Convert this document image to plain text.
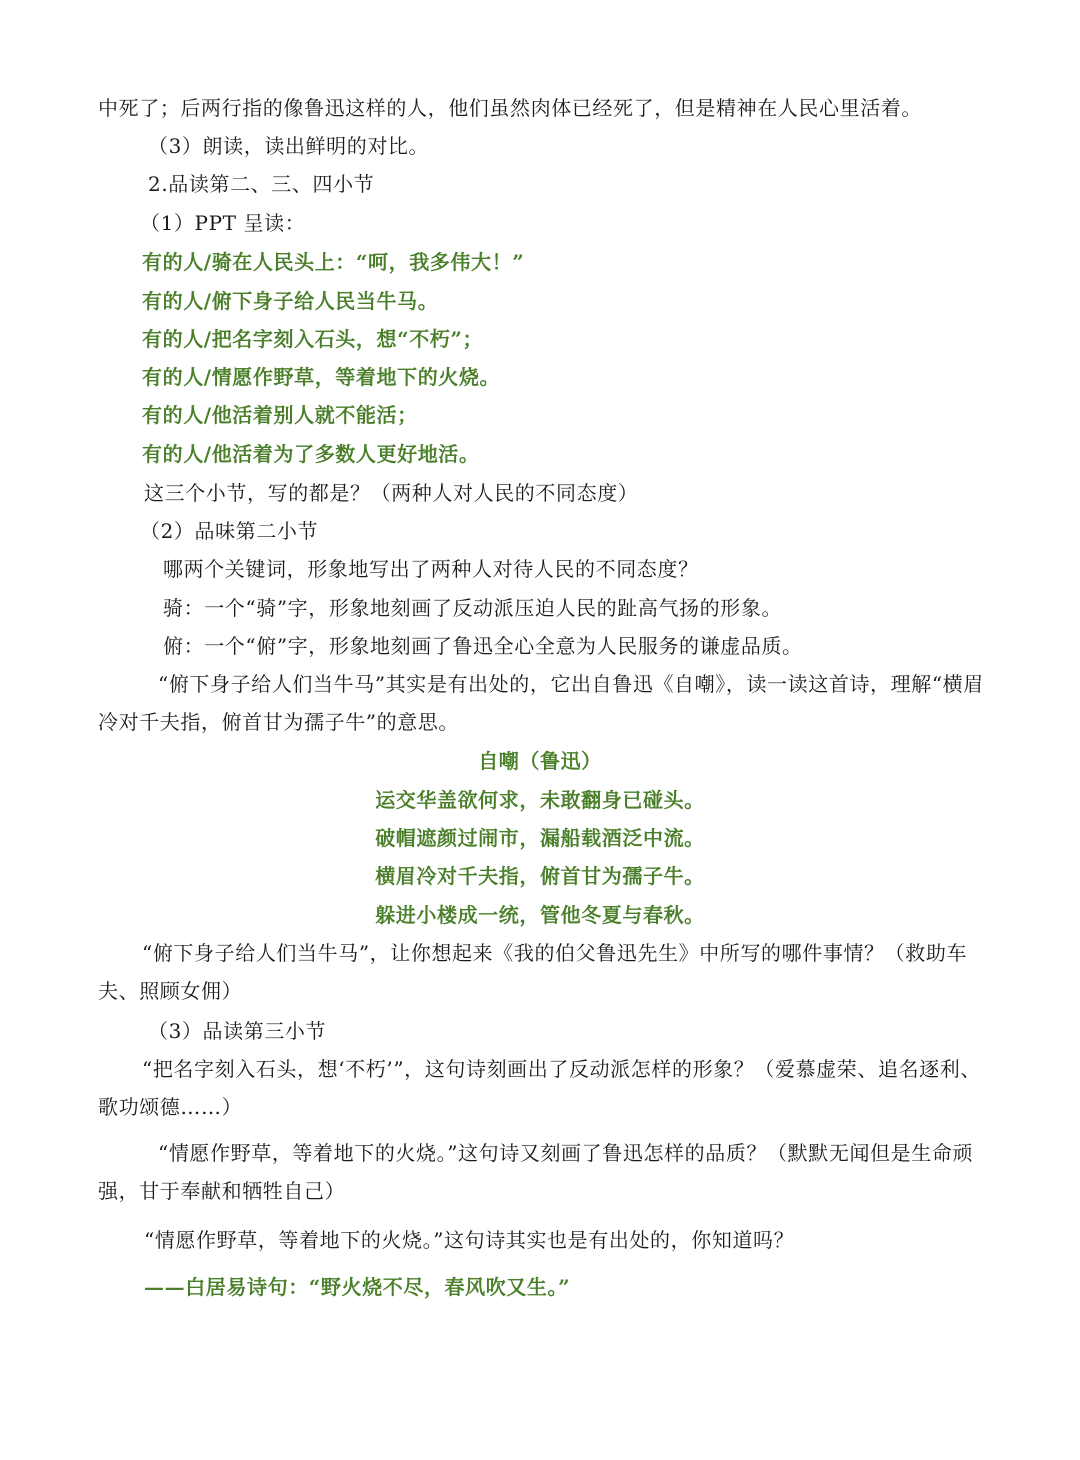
中死了；后两行指的像鲁迅这样的人，他们虽然肉体已经死了，但是精神在人民心里活着。
（3）朗读，读出鲜明的对比。
2.品读第二、三、四小节
（1）PPT 呈读：
有的人/骑在人民头上：“呵，我多伟大！”
有的人/俯下身子给人民当牛马。
有的人/把名字刻入石头，想“不朽”；
有的人/情愿作野草，等着地下的火烧。
有的人/他活着别人就不能活；
有的人/他活着为了多数人更好地活。
这三个小节，写的都是？（两种人对人民的不同态度）
（2）品味第二小节
哪两个关键词，形象地写出了两种人对待人民的不同态度？
骑：一个“骑”字，形象地刻画了反动派压迫人民的趾高气扬的形象。
俯：一个“俯”字，形象地刻画了鲁迅全心全意为人民服务的谦虚品质。
“俯下身子给人们当牛马”其实是有出处的，它出自鲁迅《自嘲》，读一读这首诗，理解“横眉冷对千夫指，俯首甘为孺子牛”的意思。
自嘲（鲁迅）
运交华盖欲何求，未敢翻身已碰头。
破帽遮颜过闹市，漏船载酒泛中流。
横眉冷对千夫指，俯首甘为孺子牛。
躲进小楼成一统，管他冬夏与春秋。
“俯下身子给人们当牛马”，让你想起来《我的伯父鲁迅先生》中所写的哪件事情？（救助车夫、照顾女佣）
（3）品读第三小节
“把名字刻入石头，想‘不朽’”，这句诗刻画出了反动派怎样的形象？（爱慕虚荣、追名逐利、歌功颂德……）
“情愿作野草，等着地下的火烧。”这句诗又刻画了鲁迅怎样的品质？（默默无闻但是生命顽强，甘于奉献和牺牲自己）
“情愿作野草，等着地下的火烧。”这句诗其实也是有出处的，你知道吗？
——白居易诗句：“野火烧不尽，春风吹又生。”
